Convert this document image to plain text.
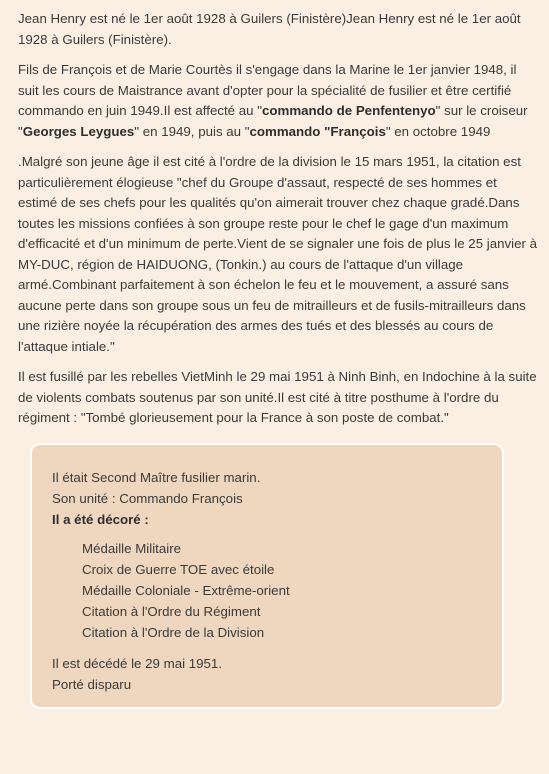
Jean Henry est né le 1er août 1928 à Guilers (Finistère)Jean Henry est né le 1er août 1928 à Guilers (Finistère).

Fils de François et de Marie Courtès il s'engage dans la Marine le 1er janvier 1948, il suit les cours de Maistrance avant d'opter pour la spécialité de fusilier et être certifié commando en juin 1949.Il est affecté au "commando de Penfentenyo" sur le croiseur "Georges Leygues" en 1949, puis au "commando "François" en octobre 1949

.Malgré son jeune âge il est cité à l'ordre de la division le 15 mars 1951, la citation est particulièrement élogieuse "chef du Groupe d'assaut, respecté de ses hommes et estimé de ses chefs pour les qualités qu'on aimerait trouver chez chaque gradé.Dans toutes les missions confiées à son groupe reste pour le chef le gage d'un maximum d'efficacité et d'un minimum de perte.Vient de se signaler une fois de plus le 25 janvier à MY-DUC, région de HAIDUONG, (Tonkin.) au cours de l'attaque d'un village armé.Combinant parfaitement à son échelon le feu et le mouvement, a assuré sans aucune perte dans son groupe sous un feu de mitrailleurs et de fusils-mitrailleurs dans une rizière noyée la récupération des armes des tués et des blessés au cours de l'attaque intiale."

Il est fusillé par les rebelles VietMinh le 29 mai 1951 à Ninh Binh, en Indochine à la suite de violents combats soutenus par son unité.Il est cité à titre posthume à l'ordre du régiment : "Tombé glorieusement pour la France à son poste de combat."

Il était Second Maître fusilier marin.
Son unité : Commando François
Il a été décoré :
Médaille Militaire
Croix de Guerre TOE avec étoile
Médaille Coloniale - Extrême-orient
Citation à l'Ordre du Régiment
Citation à l'Ordre de la Division
Il est décédé le 29 mai 1951.
Porté disparu
